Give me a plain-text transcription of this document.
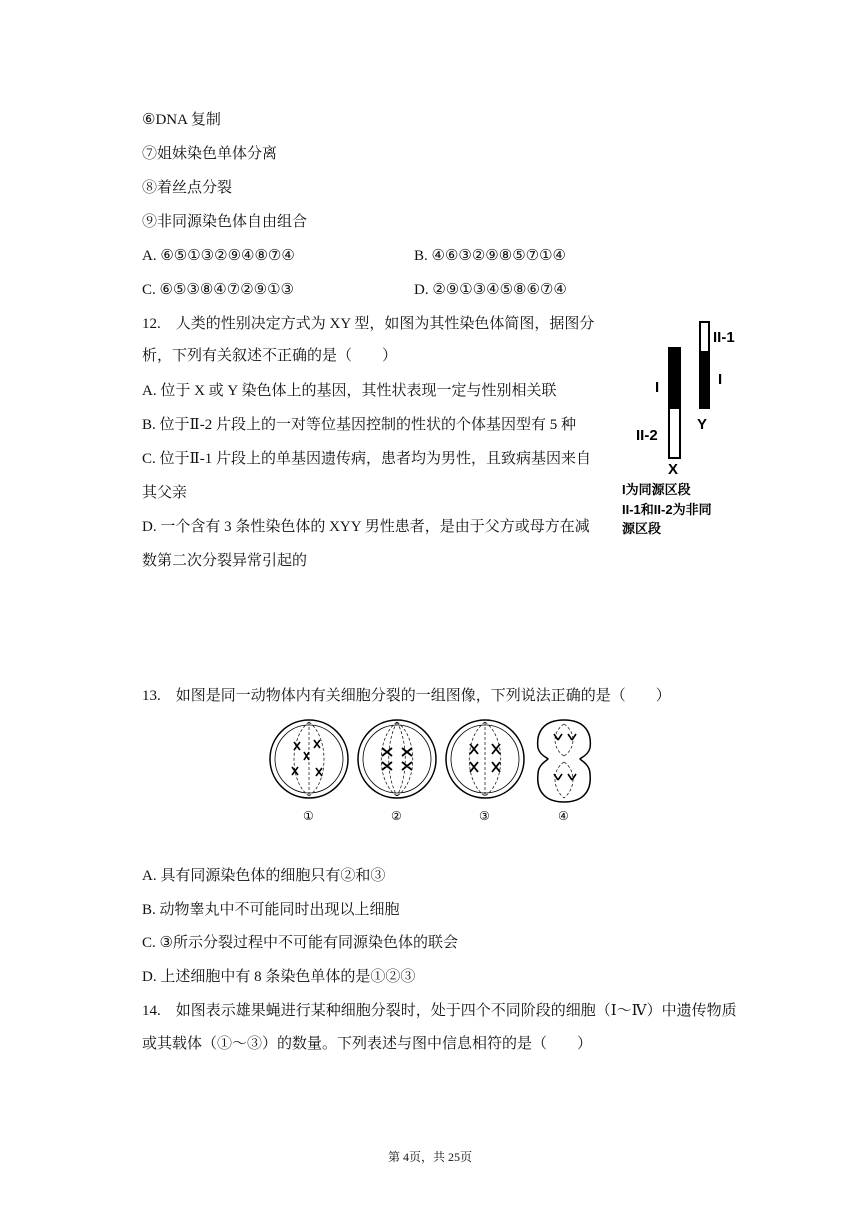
⑥DNA 复制
⑦姐妹染色单体分离
⑧着丝点分裂
⑨非同源染色体自由组合
A. ⑥⑤①③②⑨④⑧⑦④	B. ④⑥③②⑨⑧⑤⑦①④
C. ⑥⑤③⑧④⑦②⑨①③	D. ②⑨①③④⑤⑧⑥⑦④
12.　人类的性别决定方式为 XY 型，如图为其性染色体简图，据图分
析，下列有关叙述不正确的是（　　）
A. 位于 X 或 Y 染色体上的基因，其性状表现一定与性别相关联
B. 位于Ⅱ-2 片段上的一对等位基因控制的性状的个体基因型有 5 种
C. 位于Ⅱ-1 片段上的单基因遗传病，患者均为男性，且致病基因来自
其父亲
D. 一个含有 3 条性染色体的 XYY 男性患者，是由于父方或母方在减
数第二次分裂异常引起的
II-1
I
I
Y
II-2
X
I为同源区段
II-1和II-2为非同
源区段
13.　如图是同一动物体内有关细胞分裂的一组图像，下列说法正确的是（　　）
①	②	③	④
A. 具有同源染色体的细胞只有②和③
B. 动物睾丸中不可能同时出现以上细胞
C. ③所示分裂过程中不可能有同源染色体的联会
D. 上述细胞中有 8 条染色单体的是①②③
14.　如图表示雄果蝇进行某种细胞分裂时，处于四个不同阶段的细胞（Ⅰ～Ⅳ）中遗传物质
或其载体（①～③）的数量。下列表述与图中信息相符的是（　　）
第 4页，共 25页
